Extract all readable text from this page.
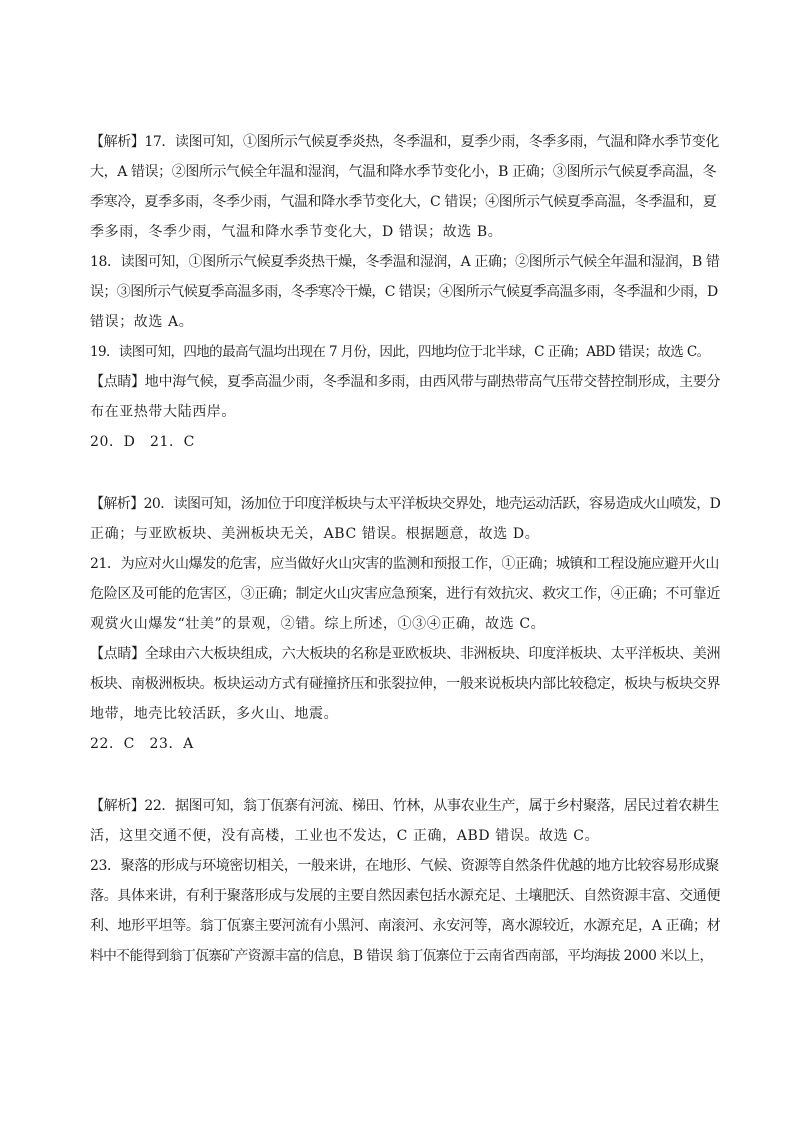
【解析】17．读图可知，①图所示气候夏季炎热，冬季温和，夏季少雨，冬季多雨，气温和降水季节变化
大，A 错误；②图所示气候全年温和湿润，气温和降水季节变化小，B 正确；③图所示气候夏季高温，冬
季寒冷，夏季多雨，冬季少雨，气温和降水季节变化大，C 错误；④图所示气候夏季高温，冬季温和，夏
季多雨，冬季少雨，气温和降水季节变化大，D 错误；故选 B。
18．读图可知，①图所示气候夏季炎热干燥，冬季温和湿润，A 正确；②图所示气候全年温和湿润，B 错
误；③图所示气候夏季高温多雨，冬季寒冷干燥，C 错误；④图所示气候夏季高温多雨，冬季温和少雨，D
错误；故选 A。
19．读图可知，四地的最高气温均出现在 7 月份，因此，四地均位于北半球，C 正确；ABD 错误；故选 C。
【点睛】地中海气候，夏季高温少雨，冬季温和多雨，由西风带与副热带高气压带交替控制形成，主要分
布在亚热带大陆西岸。
20．D　21．C
【解析】20．读图可知，汤加位于印度洋板块与太平洋板块交界处，地壳运动活跃，容易造成火山喷发，D
正确；与亚欧板块、美洲板块无关，ABC 错误。根据题意，故选 D。
21．为应对火山爆发的危害，应当做好火山灾害的监测和预报工作，①正确；城镇和工程设施应避开火山
危险区及可能的危害区，③正确；制定火山灾害应急预案，进行有效抗灾、救灾工作，④正确；不可靠近
观赏火山爆发“壮美”的景观，②错。综上所述，①③④正确，故选 C。
【点睛】全球由六大板块组成，六大板块的名称是亚欧板块、非洲板块、印度洋板块、太平洋板块、美洲
板块、南极洲板块。板块运动方式有碰撞挤压和张裂拉伸，一般来说板块内部比较稳定，板块与板块交界
地带，地壳比较活跃，多火山、地震。
22．C　23．A
【解析】22．据图可知，翁丁佤寨有河流、梯田、竹林，从事农业生产，属于乡村聚落，居民过着农耕生
活，这里交通不便，没有高楼，工业也不发达，C 正确，ABD 错误。故选 C。
23．聚落的形成与环境密切相关，一般来讲，在地形、气候、资源等自然条件优越的地方比较容易形成聚
落。具体来讲，有利于聚落形成与发展的主要自然因素包括水源充足、土壤肥沃、自然资源丰富、交通便
利、地形平坦等。翁丁佤寨主要河流有小黑河、南滚河、永安河等，离水源较近，水源充足，A 正确；材
料中不能得到翁丁佤寨矿产资源丰富的信息，B 错误 翁丁佤寨位于云南省西南部，平均海拔 2000 米以上，
